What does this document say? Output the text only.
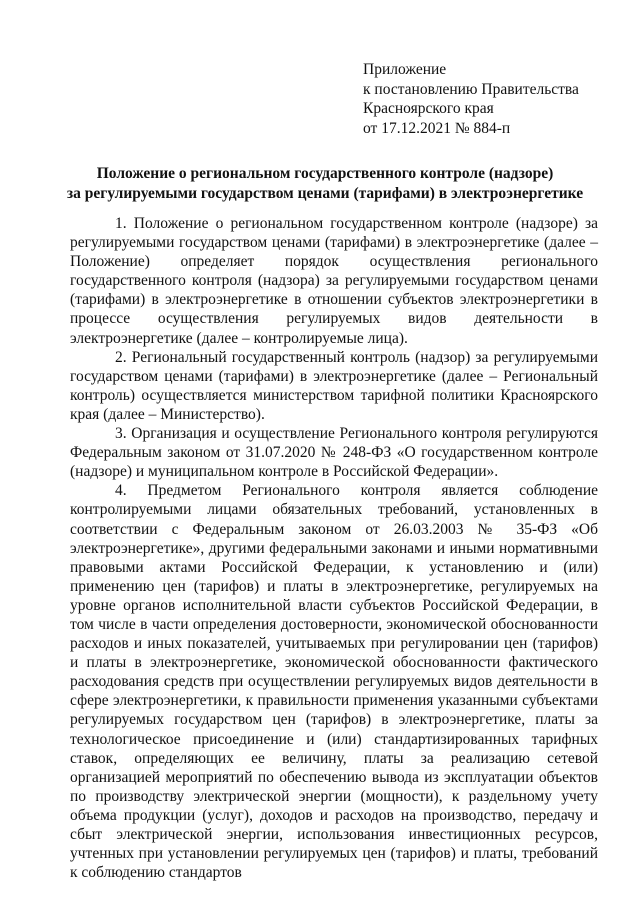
Приложение
к постановлению Правительства
Красноярского края
от 17.12.2021 № 884-п
Положение о региональном государственного контроле (надзоре)
за регулируемыми государством ценами (тарифами) в электроэнергетике

1. Положение о региональном государственном контроле (надзоре) за регулируемыми государством ценами (тарифами) в электроэнергетике (далее – Положение) определяет порядок осуществления регионального государственного контроля (надзора) за регулируемыми государством ценами (тарифами) в электроэнергетике в отношении субъектов электроэнергетики в процессе осуществления регулируемых видов деятельности в электроэнергетике (далее – контролируемые лица).

2. Региональный государственный контроль (надзор) за регулируемыми государством ценами (тарифами) в электроэнергетике (далее – Региональный контроль) осуществляется министерством тарифной политики Красноярского края (далее – Министерство).

3. Организация и осуществление Регионального контроля регулируются Федеральным законом от 31.07.2020 № 248-ФЗ «О государственном контроле (надзоре) и муниципальном контроле в Российской Федерации».

4. Предметом Регионального контроля является соблюдение контролируемыми лицами обязательных требований, установленных в соответствии с Федеральным законом от 26.03.2003 № 35-ФЗ «Об электроэнергетике», другими федеральными законами и иными нормативными правовыми актами Российской Федерации, к установлению и (или) применению цен (тарифов) и платы в электроэнергетике, регулируемых на уровне органов исполнительной власти субъектов Российской Федерации, в том числе в части определения достоверности, экономической обоснованности расходов и иных показателей, учитываемых при регулировании цен (тарифов) и платы в электроэнергетике, экономической обоснованности фактического расходования средств при осуществлении регулируемых видов деятельности в сфере электроэнергетики, к правильности применения указанными субъектами регулируемых государством цен (тарифов) в электроэнергетике, платы за технологическое присоединение и (или) стандартизированных тарифных ставок, определяющих ее величину, платы за реализацию сетевой организацией мероприятий по обеспечению вывода из эксплуатации объектов по производству электрической энергии (мощности), к раздельному учету объема продукции (услуг), доходов и расходов на производство, передачу и сбыт электрической энергии, использования инвестиционных ресурсов, учтенных при установлении регулируемых цен (тарифов) и платы, требований к соблюдению стандартов
